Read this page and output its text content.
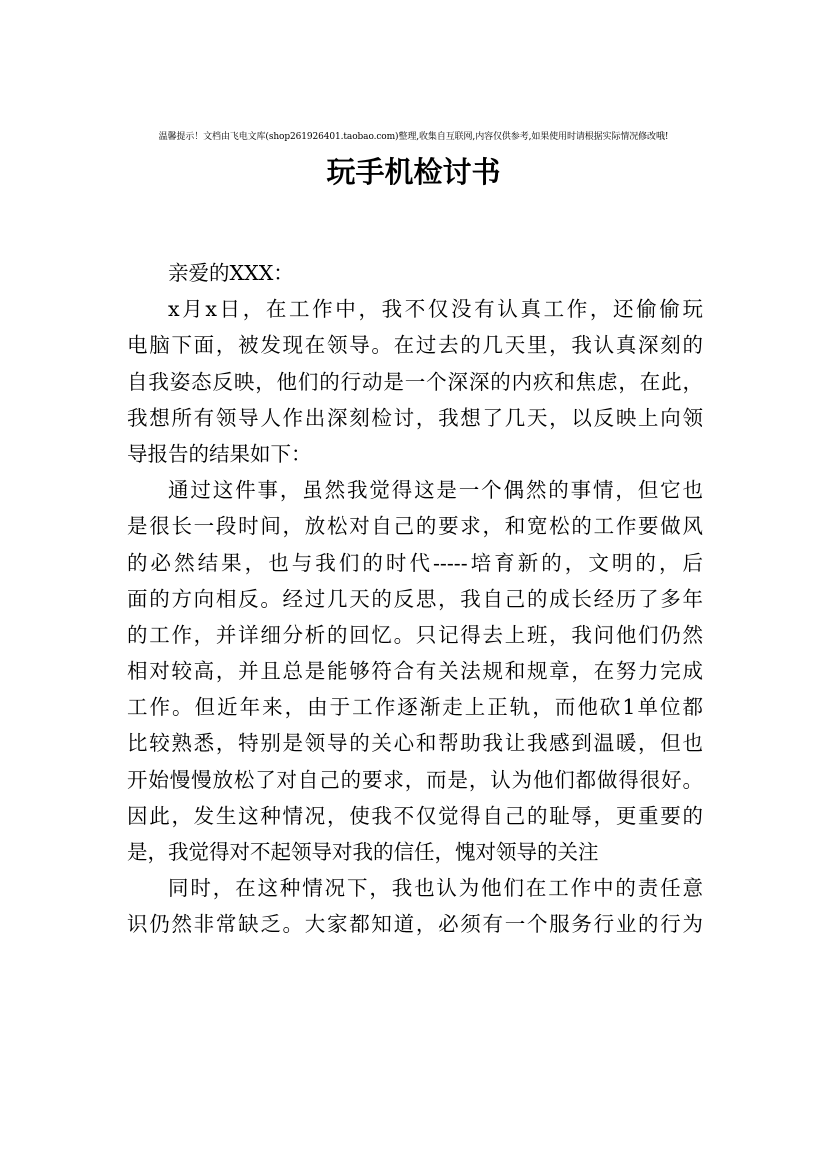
温馨提示！文档由飞电文库(shop261926401.taobao.com)整理,收集自互联网,内容仅供参考,如果使用时请根据实际情况修改哦!
玩手机检讨书
亲爱的XXX：
x月x日，在工作中，我不仅没有认真工作，还偷偷玩
电脑下面，被发现在领导。在过去的几天里，我认真深刻的
自我姿态反映，他们的行动是一个深深的内疚和焦虑，在此，
我想所有领导人作出深刻检讨，我想了几天，以反映上向领
导报告的结果如下：
通过这件事，虽然我觉得这是一个偶然的事情，但它也
是很长一段时间，放松对自己的要求，和宽松的工作要做风
的必然结果，也与我们的时代-----培育新的，文明的，后
面的方向相反。经过几天的反思，我自己的成长经历了多年
的工作，并详细分析的回忆。只记得去上班，我问他们仍然
相对较高，并且总是能够符合有关法规和规章，在努力完成
工作。但近年来，由于工作逐渐走上正轨，而他砍1单位都
比较熟悉，特别是领导的关心和帮助我让我感到温暖，但也
开始慢慢放松了对自己的要求，而是，认为他们都做得很好。
因此，发生这种情况，使我不仅觉得自己的耻辱，更重要的
是，我觉得对不起领导对我的信任，愧对领导的关注
同时，在这种情况下，我也认为他们在工作中的责任意
识仍然非常缺乏。大家都知道，必须有一个服务行业的行为
